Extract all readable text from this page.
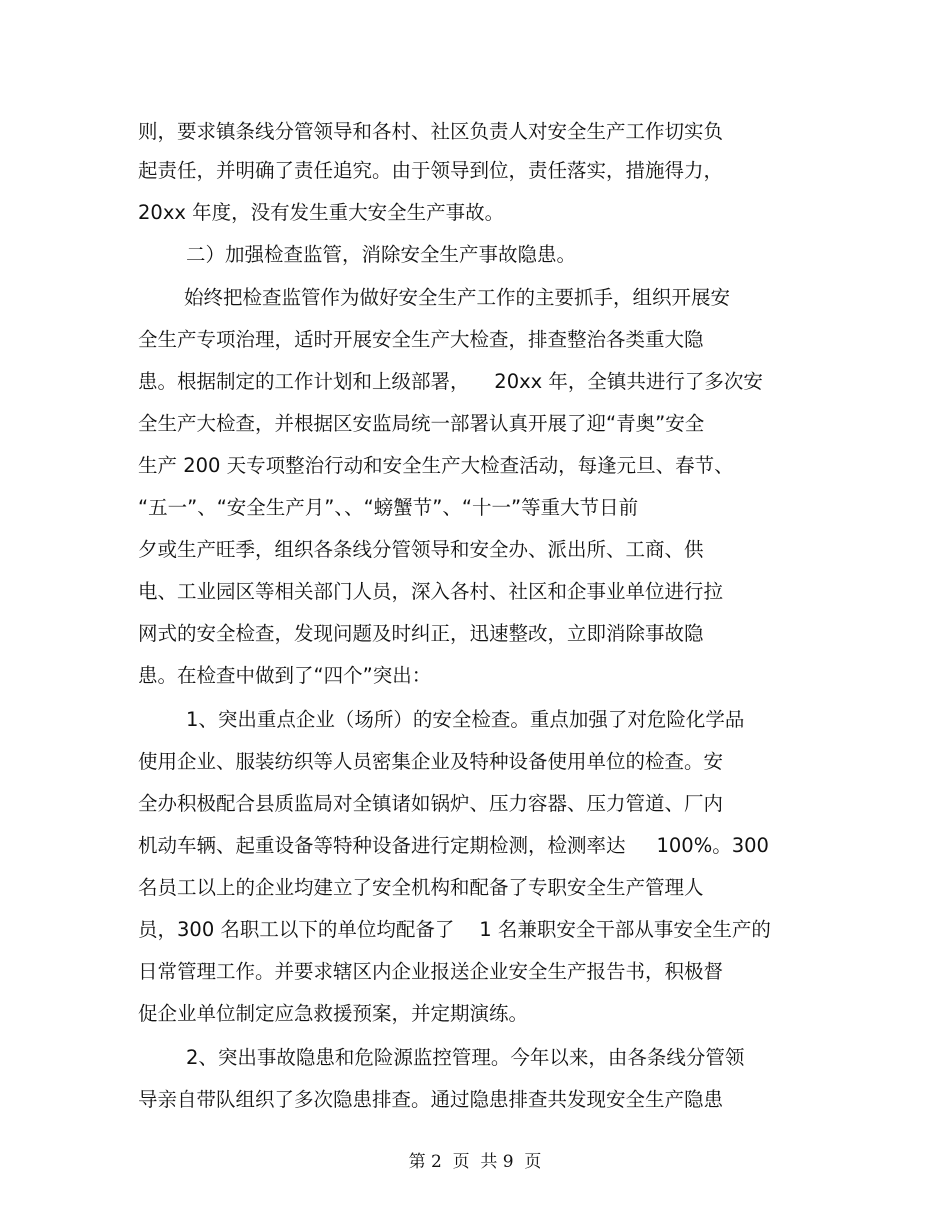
则，要求镇条线分管领导和各村、社区负责人对安全生产工作切实负
起责任，并明确了责任追究。由于领导到位，责任落实，措施得力，
20xx 年度，没有发生重大安全生产事故。
二）加强检查监管，消除安全生产事故隐患。
始终把检查监管作为做好安全生产工作的主要抓手，组织开展安
全生产专项治理，适时开展安全生产大检查，排查整治各类重大隐
患。根据制定的工作计划和上级部署，    20xx 年，全镇共进行了多次安
全生产大检查，并根据区安监局统一部署认真开展了迎“青奥”安全
生产 200 天专项整治行动和安全生产大检查活动，每逢元旦、春节、
“五一”、“安全生产月”、、“螃蟹节”、“十一”等重大节日前
夕或生产旺季，组织各条线分管领导和安全办、派出所、工商、供
电、工业园区等相关部门人员，深入各村、社区和企事业单位进行拉
网式的安全检查，发现问题及时纠正，迅速整改，立即消除事故隐
患。在检查中做到了“四个”突出：
1、突出重点企业（场所）的安全检查。重点加强了对危险化学品
使用企业、服装纺织等人员密集企业及特种设备使用单位的检查。安
全办积极配合县质监局对全镇诸如锅炉、压力容器、压力管道、厂内
机动车辆、起重设备等特种设备进行定期检测，检测率达     100%。300
名员工以上的企业均建立了安全机构和配备了专职安全生产管理人
员，300 名职工以下的单位均配备了    1 名兼职安全干部从事安全生产的
日常管理工作。并要求辖区内企业报送企业安全生产报告书，积极督
促企业单位制定应急救援预案，并定期演练。
2、突出事故隐患和危险源监控管理。今年以来，由各条线分管领
导亲自带队组织了多次隐患排查。通过隐患排查共发现安全生产隐患
第 2  页  共 9  页
